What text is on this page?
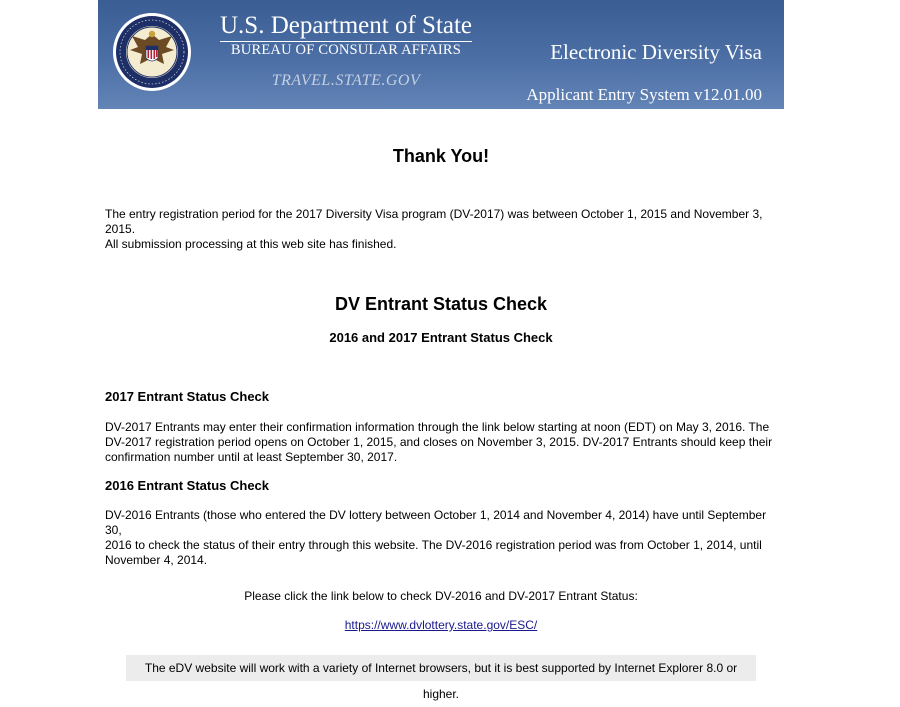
U.S. Department of State
BUREAU OF CONSULAR AFFAIRS
TRAVEL.STATE.GOV
Electronic Diversity Visa
Applicant Entry System v12.01.00
Thank You!
The entry registration period for the 2017 Diversity Visa program (DV-2017) was between October 1, 2015 and November 3, 2015.
All submission processing at this web site has finished.
DV Entrant Status Check
2016 and 2017 Entrant Status Check
2017 Entrant Status Check
DV-2017 Entrants may enter their confirmation information through the link below starting at noon (EDT) on May 3, 2016. The
DV-2017 registration period opens on October 1, 2015, and closes on November 3, 2015. DV-2017 Entrants should keep their
confirmation number until at least September 30, 2017.
2016 Entrant Status Check
DV-2016 Entrants (those who entered the DV lottery between October 1, 2014 and November 4, 2014) have until September 30,
2016 to check the status of their entry through this website. The DV-2016 registration period was from October 1, 2014, until
November 4, 2014.
Please click the link below to check DV-2016 and DV-2017 Entrant Status:
https://www.dvlottery.state.gov/ESC/
The eDV website will work with a variety of Internet browsers, but it is best supported by Internet Explorer 8.0 or higher.
